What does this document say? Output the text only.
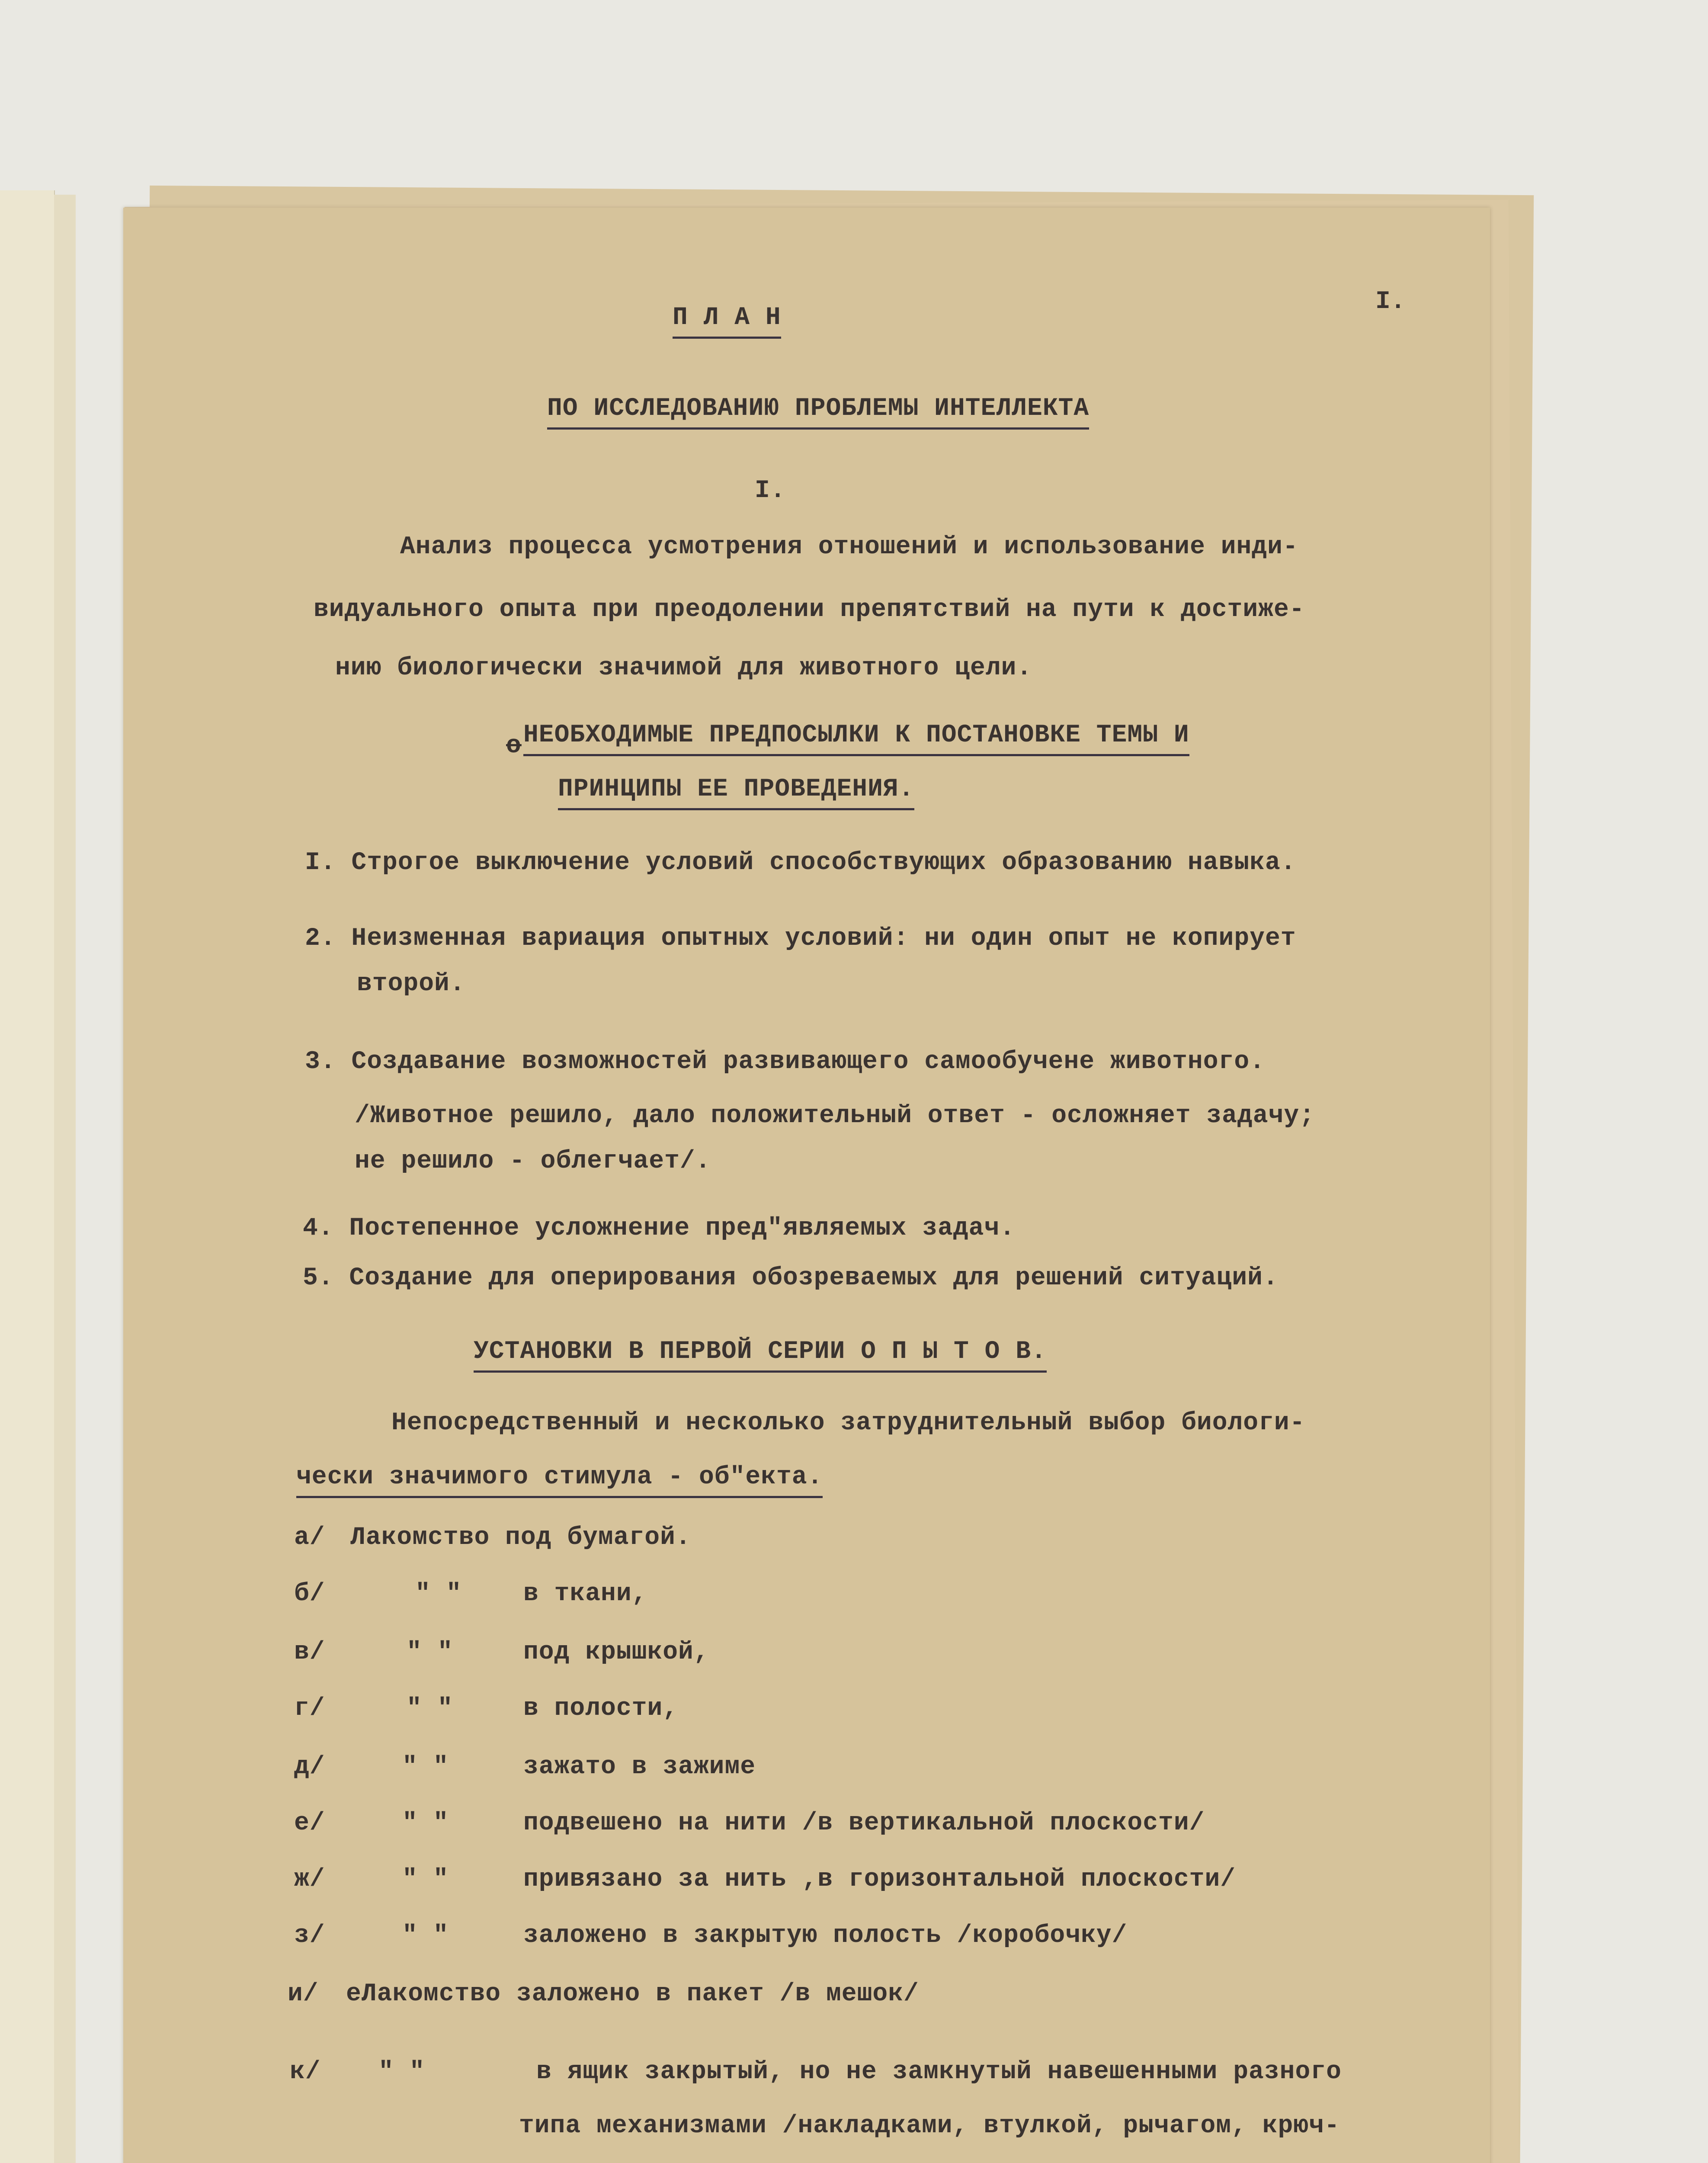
I.
П Л А Н
ПО ИССЛЕДОВАНИЮ ПРОБЛЕМЫ ИНТЕЛЛЕКТА
I.
Анализ процесса усмотрения отношений и использование инди-
видуального опыта при преодолении препятствий на пути к достиже-
нию биологически значимой для животного цели.
о НЕОБХОДИМЫЕ ПРЕДПОСЫЛКИ К ПОСТАНОВКЕ ТЕМЫ И
ПРИНЦИПЫ ЕЕ ПРОВЕДЕНИЯ.
I. Строгое выключение условий способствующих образованию навыка.
2. Неизменная вариация опытных условий: ни один опыт не копирует
второй.
3. Создавание возможностей развивающего самообучене животного.
/Животное решило, дало положительный ответ - осложняет задачу;
не решило - облегчает/.
4. Постепенное усложнение пред"являемых задач.
5. Создание для оперирования обозреваемых для решений ситуаций.
УСТАНОВКИ В ПЕРВОЙ СЕРИИ О П Ы Т О В.
Непосредственный и несколько затруднительный выбор биологи-
чески значимого стимула - об"екта.
а/ Лакомство под бумагой.
б/	" " в ткани,
в/	" "	под крышкой,
г/	" "	в полости,
д/	" "	зажато в зажиме
е/	" "	подвешено на нити /в вертикальной плоскости/
ж/	" "	привязано за нить ,в горизонтальной плоскости/
з/	" "	заложено в закрытую полость /коробочку/
и/ еЛакомство заложено в пакет /в мешок/
к/ " "	в ящик закрытый, но не замкнутый навешенными разного
типа механизмами /накладками, втулкой, рычагом, крюч-
